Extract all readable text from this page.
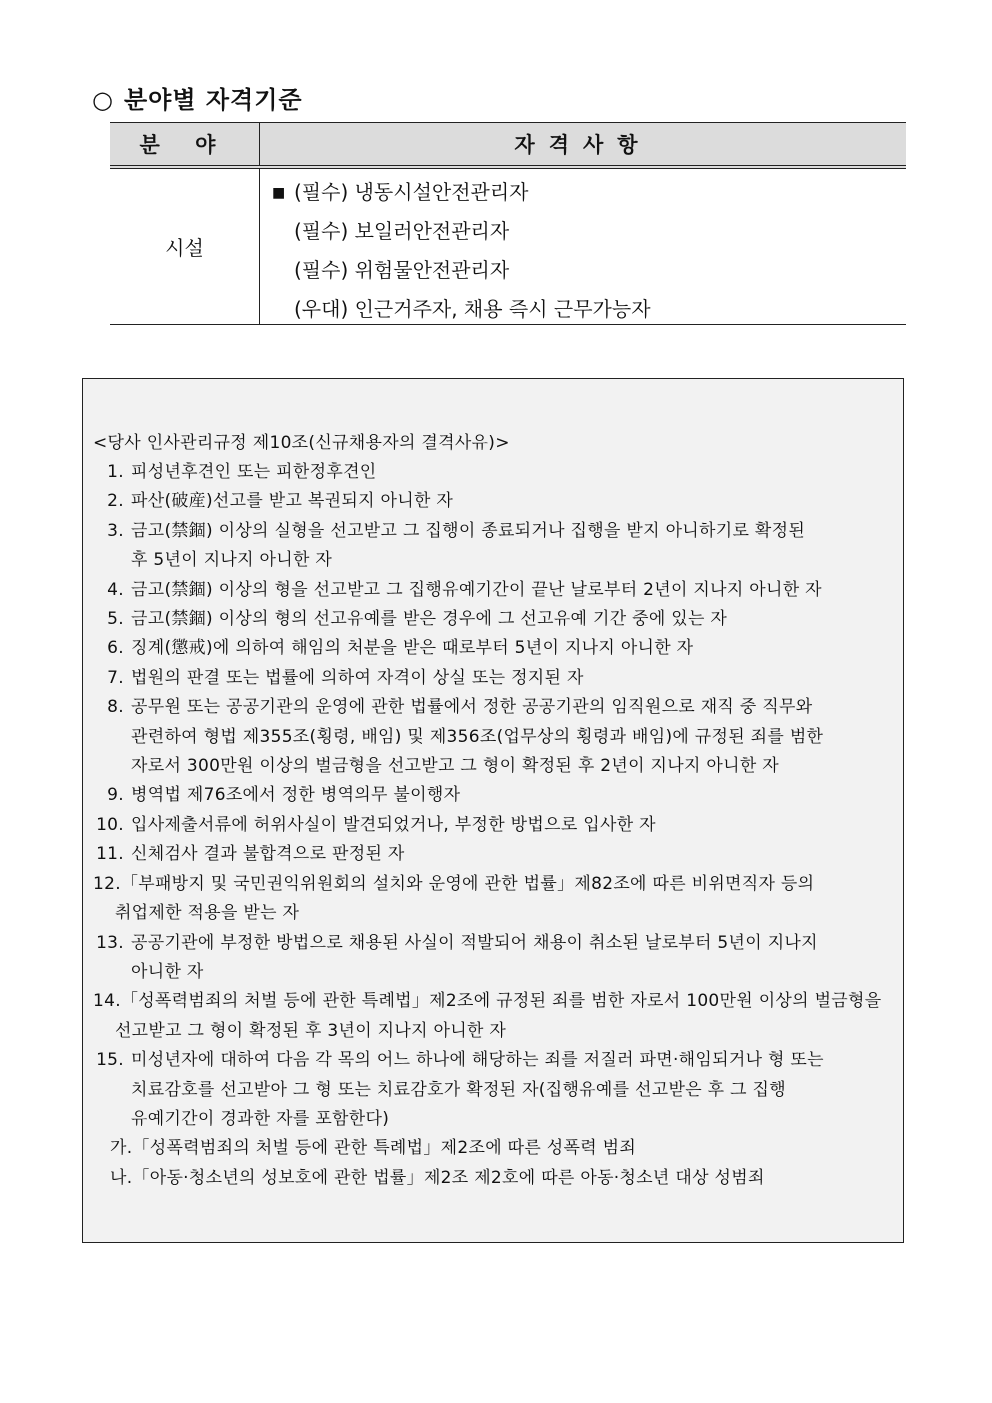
○ 분야별 자격기준
분 야	자격사항
시설
■ (필수) 냉동시설안전관리자
(필수) 보일러안전관리자
(필수) 위험물안전관리자
(우대) 인근거주자, 채용 즉시 근무가능자
<당사 인사관리규정 제10조(신규채용자의 결격사유)>
1. 피성년후견인 또는 피한정후견인
2. 파산(破産)선고를 받고 복권되지 아니한 자
3. 금고(禁錮) 이상의 실형을 선고받고 그 집행이 종료되거나 집행을 받지 아니하기로 확정된
후 5년이 지나지 아니한 자
4. 금고(禁錮) 이상의 형을 선고받고 그 집행유예기간이 끝난 날로부터 2년이 지나지 아니한 자
5. 금고(禁錮) 이상의 형의 선고유예를 받은 경우에 그 선고유예 기간 중에 있는 자
6. 징계(懲戒)에 의하여 해임의 처분을 받은 때로부터 5년이 지나지 아니한 자
7. 법원의 판결 또는 법률에 의하여 자격이 상실 또는 정지된 자
8. 공무원 또는 공공기관의 운영에 관한 법률에서 정한 공공기관의 임직원으로 재직 중 직무와
관련하여 형법 제355조(횡령, 배임) 및 제356조(업무상의 횡령과 배임)에 규정된 죄를 범한
자로서 300만원 이상의 벌금형을 선고받고 그 형이 확정된 후 2년이 지나지 아니한 자
9. 병역법 제76조에서 정한 병역의무 불이행자
10. 입사제출서류에 허위사실이 발견되었거나, 부정한 방법으로 입사한 자
11. 신체검사 결과 불합격으로 판정된 자
12. 「부패방지 및 국민권익위원회의 설치와 운영에 관한 법률」제82조에 따른 비위면직자 등의
취업제한 적용을 받는 자
13. 공공기관에 부정한 방법으로 채용된 사실이 적발되어 채용이 취소된 날로부터 5년이 지나지
아니한 자
14. 「성폭력범죄의 처벌 등에 관한 특례법」제2조에 규정된 죄를 범한 자로서 100만원 이상의 벌금형을
선고받고 그 형이 확정된 후 3년이 지나지 아니한 자
15. 미성년자에 대하여 다음 각 목의 어느 하나에 해당하는 죄를 저질러 파면·해임되거나 형 또는
치료감호를 선고받아 그 형 또는 치료감호가 확정된 자(집행유예를 선고받은 후 그 집행
유예기간이 경과한 자를 포함한다)
가.「성폭력범죄의 처벌 등에 관한 특례법」제2조에 따른 성폭력 범죄
나.「아동·청소년의 성보호에 관한 법률」제2조 제2호에 따른 아동·청소년 대상 성범죄
